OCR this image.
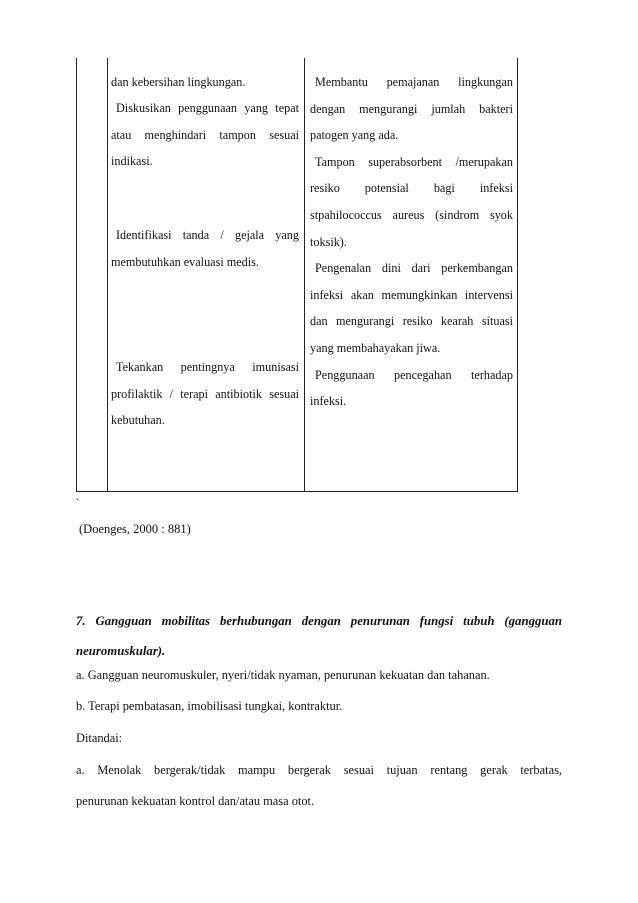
dan kebersihan lingkungan.
Diskusikan penggunaan yang tepat
atau menghindari tampon sesuai
indikasi.
Identifikasi tanda / gejala yang
membutuhkan evaluasi medis.
Tekankan pentingnya imunisasi
profilaktik / terapi antibiotik sesuai
kebutuhan.
Membantu pemajanan lingkungan
dengan mengurangi jumlah bakteri
patogen yang ada.
Tampon superabsorbent /merupakan
resiko potensial bagi infeksi
stpahilococcus aureus (sindrom syok
toksik).
Pengenalan dini dari perkembangan
infeksi akan memungkinkan intervensi
dan mengurangi resiko kearah situasi
yang membahayakan jiwa.
Penggunaan pencegahan terhadap
infeksi.
.
(Doenges, 2000 : 881)
7. Gangguan mobilitas berhubungan dengan penurunan fungsi tubuh (gangguan
neuromuskular).
a. Gangguan neuromuskuler, nyeri/tidak nyaman, penurunan kekuatan dan tahanan.
b. Terapi pembatasan, imobilisasi tungkai, kontraktur.
Ditandai:
a. Menolak bergerak/tidak mampu bergerak sesuai tujuan rentang gerak terbatas,
penurunan kekuatan kontrol dan/atau masa otot.
